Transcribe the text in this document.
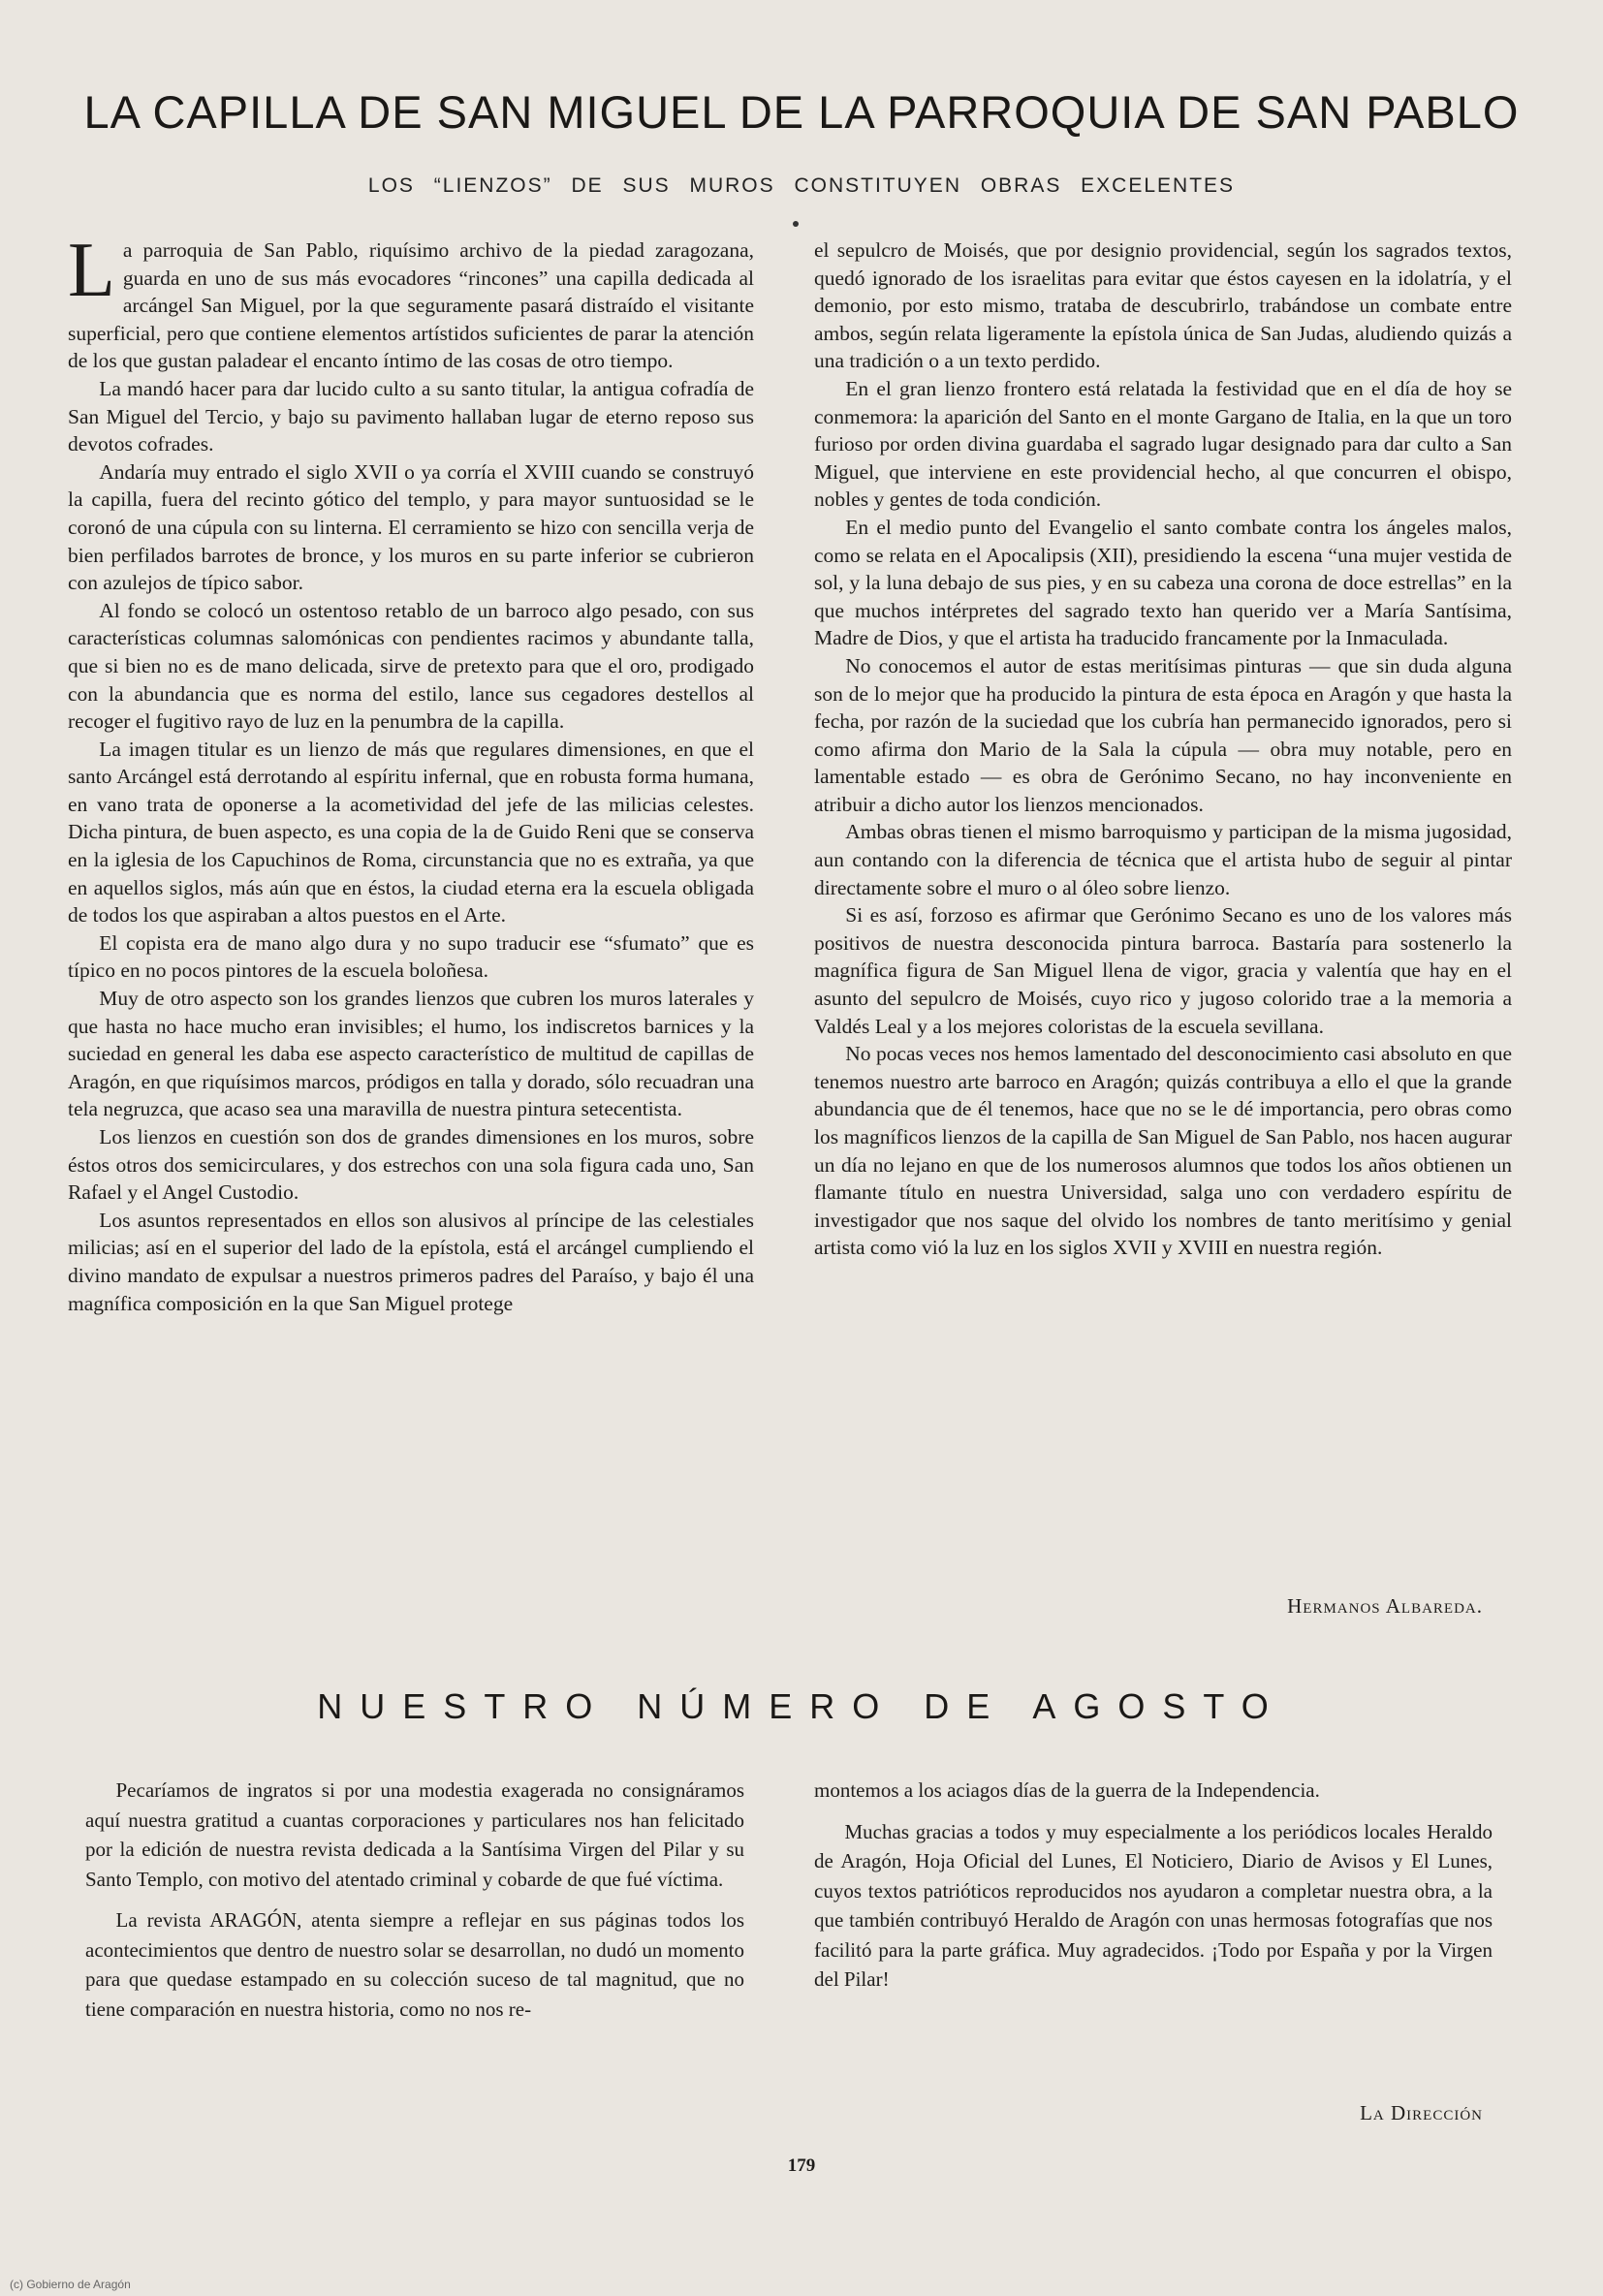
LA CAPILLA DE SAN MIGUEL DE LA PARROQUIA DE SAN PABLO
LOS “LIENZOS” DE SUS MUROS CONSTITUYEN OBRAS EXCELENTES

La parroquia de San Pablo, riquísimo archivo de la piedad zaragozana, guarda en uno de sus más evocadores “rincones” una capilla dedicada al arcángel San Miguel, por la que seguramente pasará distraído el visitante superficial, pero que contiene elementos artístidos suficientes de parar la atención de los que gustan paladear el encanto íntimo de las cosas de otro tiempo.

La mandó hacer para dar lucido culto a su santo titular, la antigua cofradía de San Miguel del Tercio, y bajo su pavimento hallaban lugar de eterno reposo sus devotos cofrades.

Andaría muy entrado el siglo XVII o ya corría el XVIII cuando se construyó la capilla, fuera del recinto gótico del templo, y para mayor suntuosidad se le coronó de una cúpula con su linterna. El cerramiento se hizo con sencilla verja de bien perfilados barrotes de bronce, y los muros en su parte inferior se cubrieron con azulejos de típico sabor.

Al fondo se colocó un ostentoso retablo de un barroco algo pesado, con sus características columnas salomónicas con pendientes racimos y abundante talla, que si bien no es de mano delicada, sirve de pretexto para que el oro, prodigado con la abundancia que es norma del estilo, lance sus cegadores destellos al recoger el fugitivo rayo de luz en la penumbra de la capilla.

La imagen titular es un lienzo de más que regulares dimensiones, en que el santo Arcángel está derrotando al espíritu infernal, que en robusta forma humana, en vano trata de oponerse a la acometividad del jefe de las milicias celestes. Dicha pintura, de buen aspecto, es una copia de la de Guido Reni que se conserva en la iglesia de los Capuchinos de Roma, circunstancia que no es extraña, ya que en aquellos siglos, más aún que en éstos, la ciudad eterna era la escuela obligada de todos los que aspiraban a altos puestos en el Arte.

El copista era de mano algo dura y no supo traducir ese “sfumato” que es típico en no pocos pintores de la escuela boloñesa.

Muy de otro aspecto son los grandes lienzos que cubren los muros laterales y que hasta no hace mucho eran invisibles; el humo, los indiscretos barnices y la suciedad en general les daba ese aspecto característico de multitud de capillas de Aragón, en que riquísimos marcos, pródigos en talla y dorado, sólo recuadran una tela negruzca, que acaso sea una maravilla de nuestra pintura setecentista.

Los lienzos en cuestión son dos de grandes dimensiones en los muros, sobre éstos otros dos semicirculares, y dos estrechos con una sola figura cada uno, San Rafael y el Angel Custodio.

Los asuntos representados en ellos son alusivos al príncipe de las celestiales milicias; así en el superior del lado de la epístola, está el arcángel cumpliendo el divino mandato de expulsar a nuestros primeros padres del Paraíso, y bajo él una magnífica composición en la que San Miguel protege

el sepulcro de Moisés, que por designio providencial, según los sagrados textos, quedó ignorado de los israelitas para evitar que éstos cayesen en la idolatría, y el demonio, por esto mismo, trataba de descubrirlo, trabándose un combate entre ambos, según relata ligeramente la epístola única de San Judas, aludiendo quizás a una tradición o a un texto perdido.

En el gran lienzo frontero está relatada la festividad que en el día de hoy se conmemora: la aparición del Santo en el monte Gargano de Italia, en la que un toro furioso por orden divina guardaba el sagrado lugar designado para dar culto a San Miguel, que interviene en este providencial hecho, al que concurren el obispo, nobles y gentes de toda condición.

En el medio punto del Evangelio el santo combate contra los ángeles malos, como se relata en el Apocalipsis (XII), presidiendo la escena “una mujer vestida de sol, y la luna debajo de sus pies, y en su cabeza una corona de doce estrellas” en la que muchos intérpretes del sagrado texto han querido ver a María Santísima, Madre de Dios, y que el artista ha traducido francamente por la Inmaculada.

No conocemos el autor de estas meritísimas pinturas — que sin duda alguna son de lo mejor que ha producido la pintura de esta época en Aragón y que hasta la fecha, por razón de la suciedad que los cubría han permanecido ignorados, pero si como afirma don Mario de la Sala la cúpula — obra muy notable, pero en lamentable estado — es obra de Gerónimo Secano, no hay inconveniente en atribuir a dicho autor los lienzos mencionados.

Ambas obras tienen el mismo barroquismo y participan de la misma jugosidad, aun contando con la diferencia de técnica que el artista hubo de seguir al pintar directamente sobre el muro o al óleo sobre lienzo.

Si es así, forzoso es afirmar que Gerónimo Secano es uno de los valores más positivos de nuestra desconocida pintura barroca. Bastaría para sostenerlo la magnífica figura de San Miguel llena de vigor, gracia y valentía que hay en el asunto del sepulcro de Moisés, cuyo rico y jugoso colorido trae a la memoria a Valdés Leal y a los mejores coloristas de la escuela sevillana.

No pocas veces nos hemos lamentado del desconocimiento casi absoluto en que tenemos nuestro arte barroco en Aragón; quizás contribuya a ello el que la grande abundancia que de él tenemos, hace que no se le dé importancia, pero obras como los magníficos lienzos de la capilla de San Miguel de San Pablo, nos hacen augurar un día no lejano en que de los numerosos alumnos que todos los años obtienen un flamante título en nuestra Universidad, salga uno con verdadero espíritu de investigador que nos saque del olvido los nombres de tanto meritísimo y genial artista como vió la luz en los siglos XVII y XVIII en nuestra región.

Hermanos Albareda.
NUESTRO NÚMERO DE AGOSTO

Pecaríamos de ingratos si por una modestia exagerada no consignáramos aquí nuestra gratitud a cuantas corporaciones y particulares nos han felicitado por la edición de nuestra revista dedicada a la Santísima Virgen del Pilar y su Santo Templo, con motivo del atentado criminal y cobarde de que fué víctima.

La revista ARAGÓN, atenta siempre a reflejar en sus páginas todos los acontecimientos que dentro de nuestro solar se desarrollan, no dudó un momento para que quedase estampado en su colección suceso de tal magnitud, que no tiene comparación en nuestra historia, como no nos re-

montemos a los aciagos días de la guerra de la Independencia.

Muchas gracias a todos y muy especialmente a los periódicos locales Heraldo de Aragón, Hoja Oficial del Lunes, El Noticiero, Diario de Avisos y El Lunes, cuyos textos patrióticos reproducidos nos ayudaron a completar nuestra obra, a la que también contribuyó Heraldo de Aragón con unas hermosas fotografías que nos facilitó para la parte gráfica. Muy agradecidos. ¡Todo por España y por la Virgen del Pilar!

La Dirección
179
(c) Gobierno de Aragón
